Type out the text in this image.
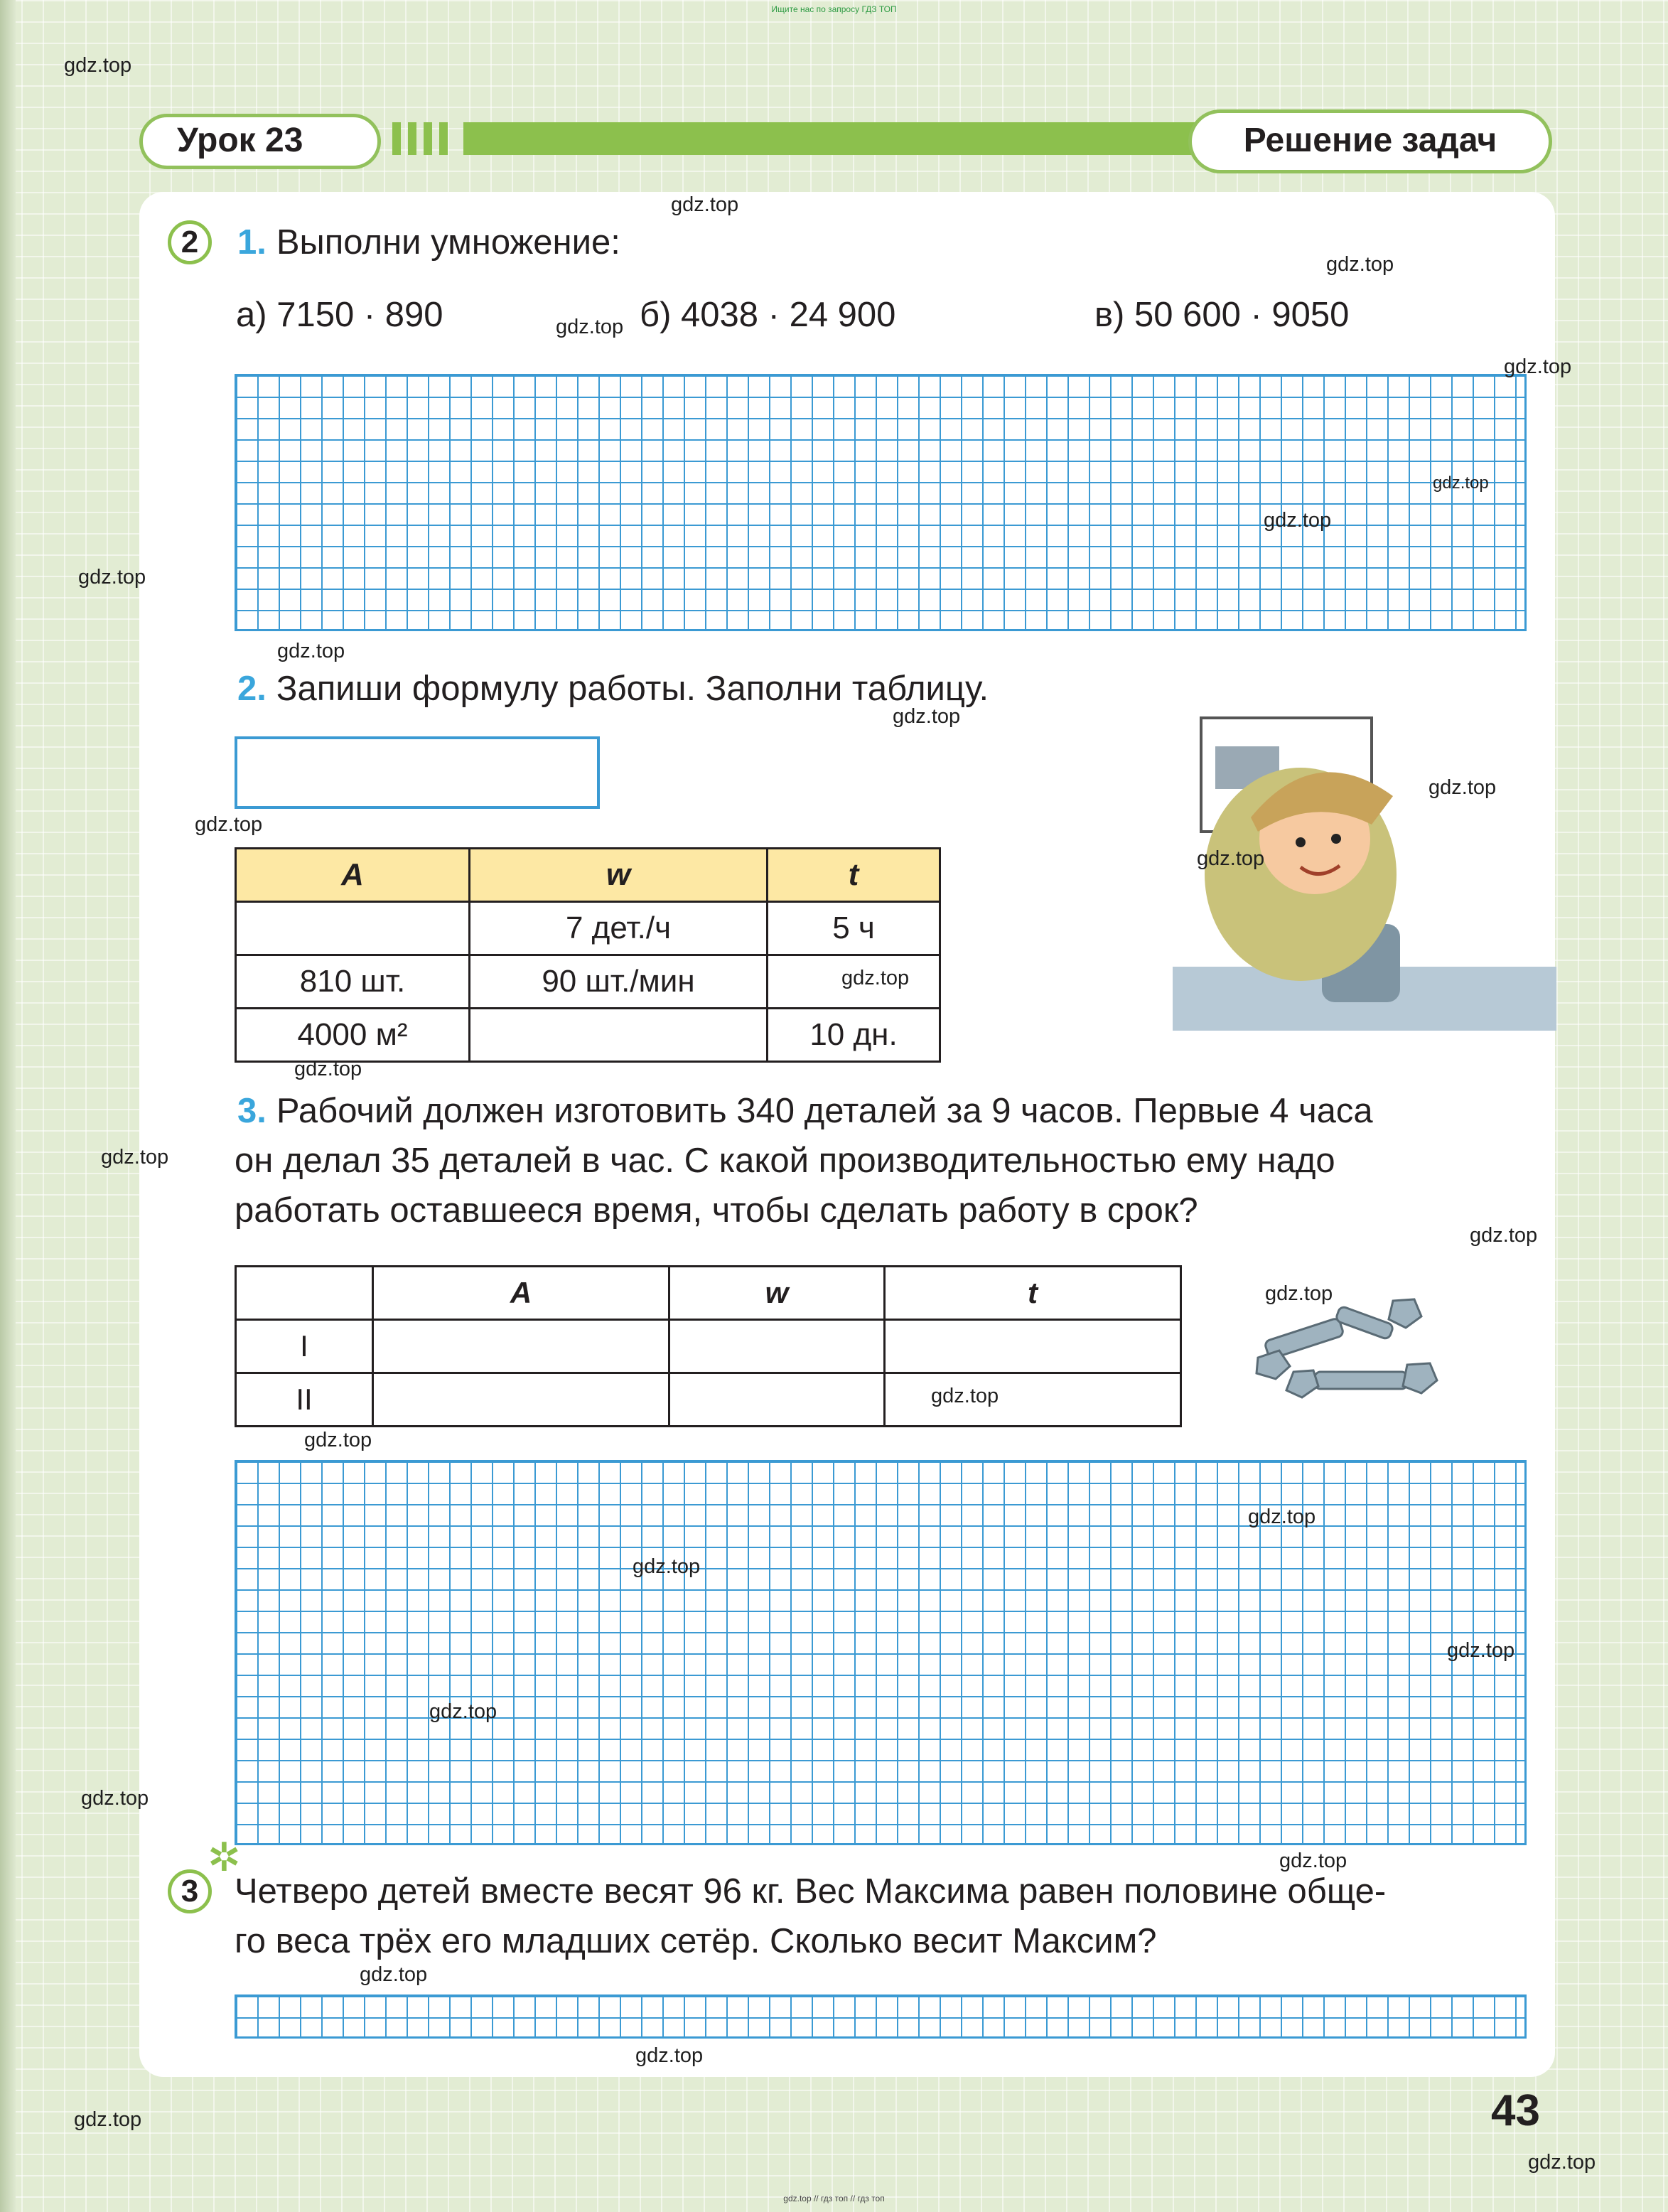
Ищите нас по запросу ГДЗ ТОП
Урок 23	Решение задач
2	1. Выполни умножение:
а) 7150 · 890	б) 4038 · 24 900	в) 50 600 · 9050
2. Запиши формулу работы. Заполни таблицу.
A	w	t
	7 дет./ч	5 ч
810 шт.	90 шт./мин	
4000 м²		10 дн.
3. Рабочий должен изготовить 340 деталей за 9 часов. Первые 4 часа
он делал 35 деталей в час. С какой производительностью ему надо
работать оставшееся время, чтобы сделать работу в срок?
	A	w	t
I			
II			
✲
3	Четверо детей вместе весят 96 кг. Вес Максима равен половине обще-
го веса трёх его младших сетёр. Сколько весит Максим?
43
gdz.top
gdz.top
gdz.top
gdz.top
gdz.top
gdz.top
gdz.top
gdz.top
gdz.top
gdz.top
gdz.top
gdz.top
gdz.top
gdz.top
gdz.top
gdz.top
gdz.top
gdz.top
gdz.top
gdz.top
gdz.top
gdz.top
gdz.top
gdz.top
gdz.top
gdz.top
gdz.top
gdz.top
gdz.top
gdz.top
gdz.top // гдз топ // гдз топ
